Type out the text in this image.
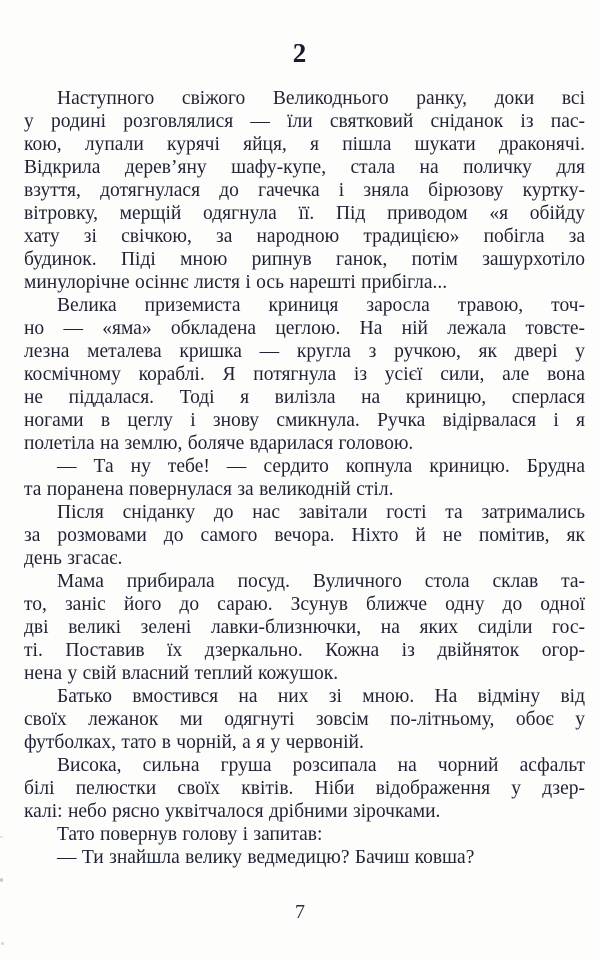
2
Наступного свіжого Великоднього ранку, доки всі
у родині розговлялися — їли святковий сніданок із пас-
кою, лупали курячі яйця, я пішла шукати драконячі.
Відкрила дерев’яну шафу-купе, стала на поличку для
взуття, дотягнулася до гачечка і зняла бірюзову куртку-
вітровку, мерщій одягнула її. Під приводом «я обійду
хату зі свічкою, за народною традицією» побігла за
будинок. Піді мною рипнув ганок, потім зашурхотіло
минулорічне осіннє листя і ось нарешті прибігла...
Велика приземиста криниця заросла травою, точ-
но — «яма» обкладена цеглою. На ній лежала товсте-
лезна металева кришка — кругла з ручкою, як двері у
космічному кораблі. Я потягнула із усієї сили, але вона
не піддалася. Тоді я вилізла на криницю, сперлася
ногами в цеглу і знову смикнула. Ручка відірвалася і я
полетіла на землю, боляче вдарилася головою.
— Та ну тебе! — сердито копнула криницю. Брудна
та поранена повернулася за великодній стіл.
Після сніданку до нас завітали гості та затримались
за розмовами до самого вечора. Ніхто й не помітив, як
день згасає.
Мама прибирала посуд. Вуличного стола склав та-
то, заніс його до сараю. Зсунув ближче одну до одної
дві великі зелені лавки-близнючки, на яких сиділи гос-
ті. Поставив їх дзеркально. Кожна із двійняток огор-
нена у свій власний теплий кожушок.
Батько вмостився на них зі мною. На відміну від
своїх лежанок ми одягнуті зовсім по-літньому, обоє у
футболках, тато в чорній, а я у червоній.
Висока, сильна груша розсипала на чорний асфальт
білі пелюстки своїх квітів. Ніби відображення у дзер-
калі: небо рясно уквітчалося дрібними зірочками.
Тато повернув голову і запитав:
— Ти знайшла велику ведмедицю? Бачиш ковша?
7
